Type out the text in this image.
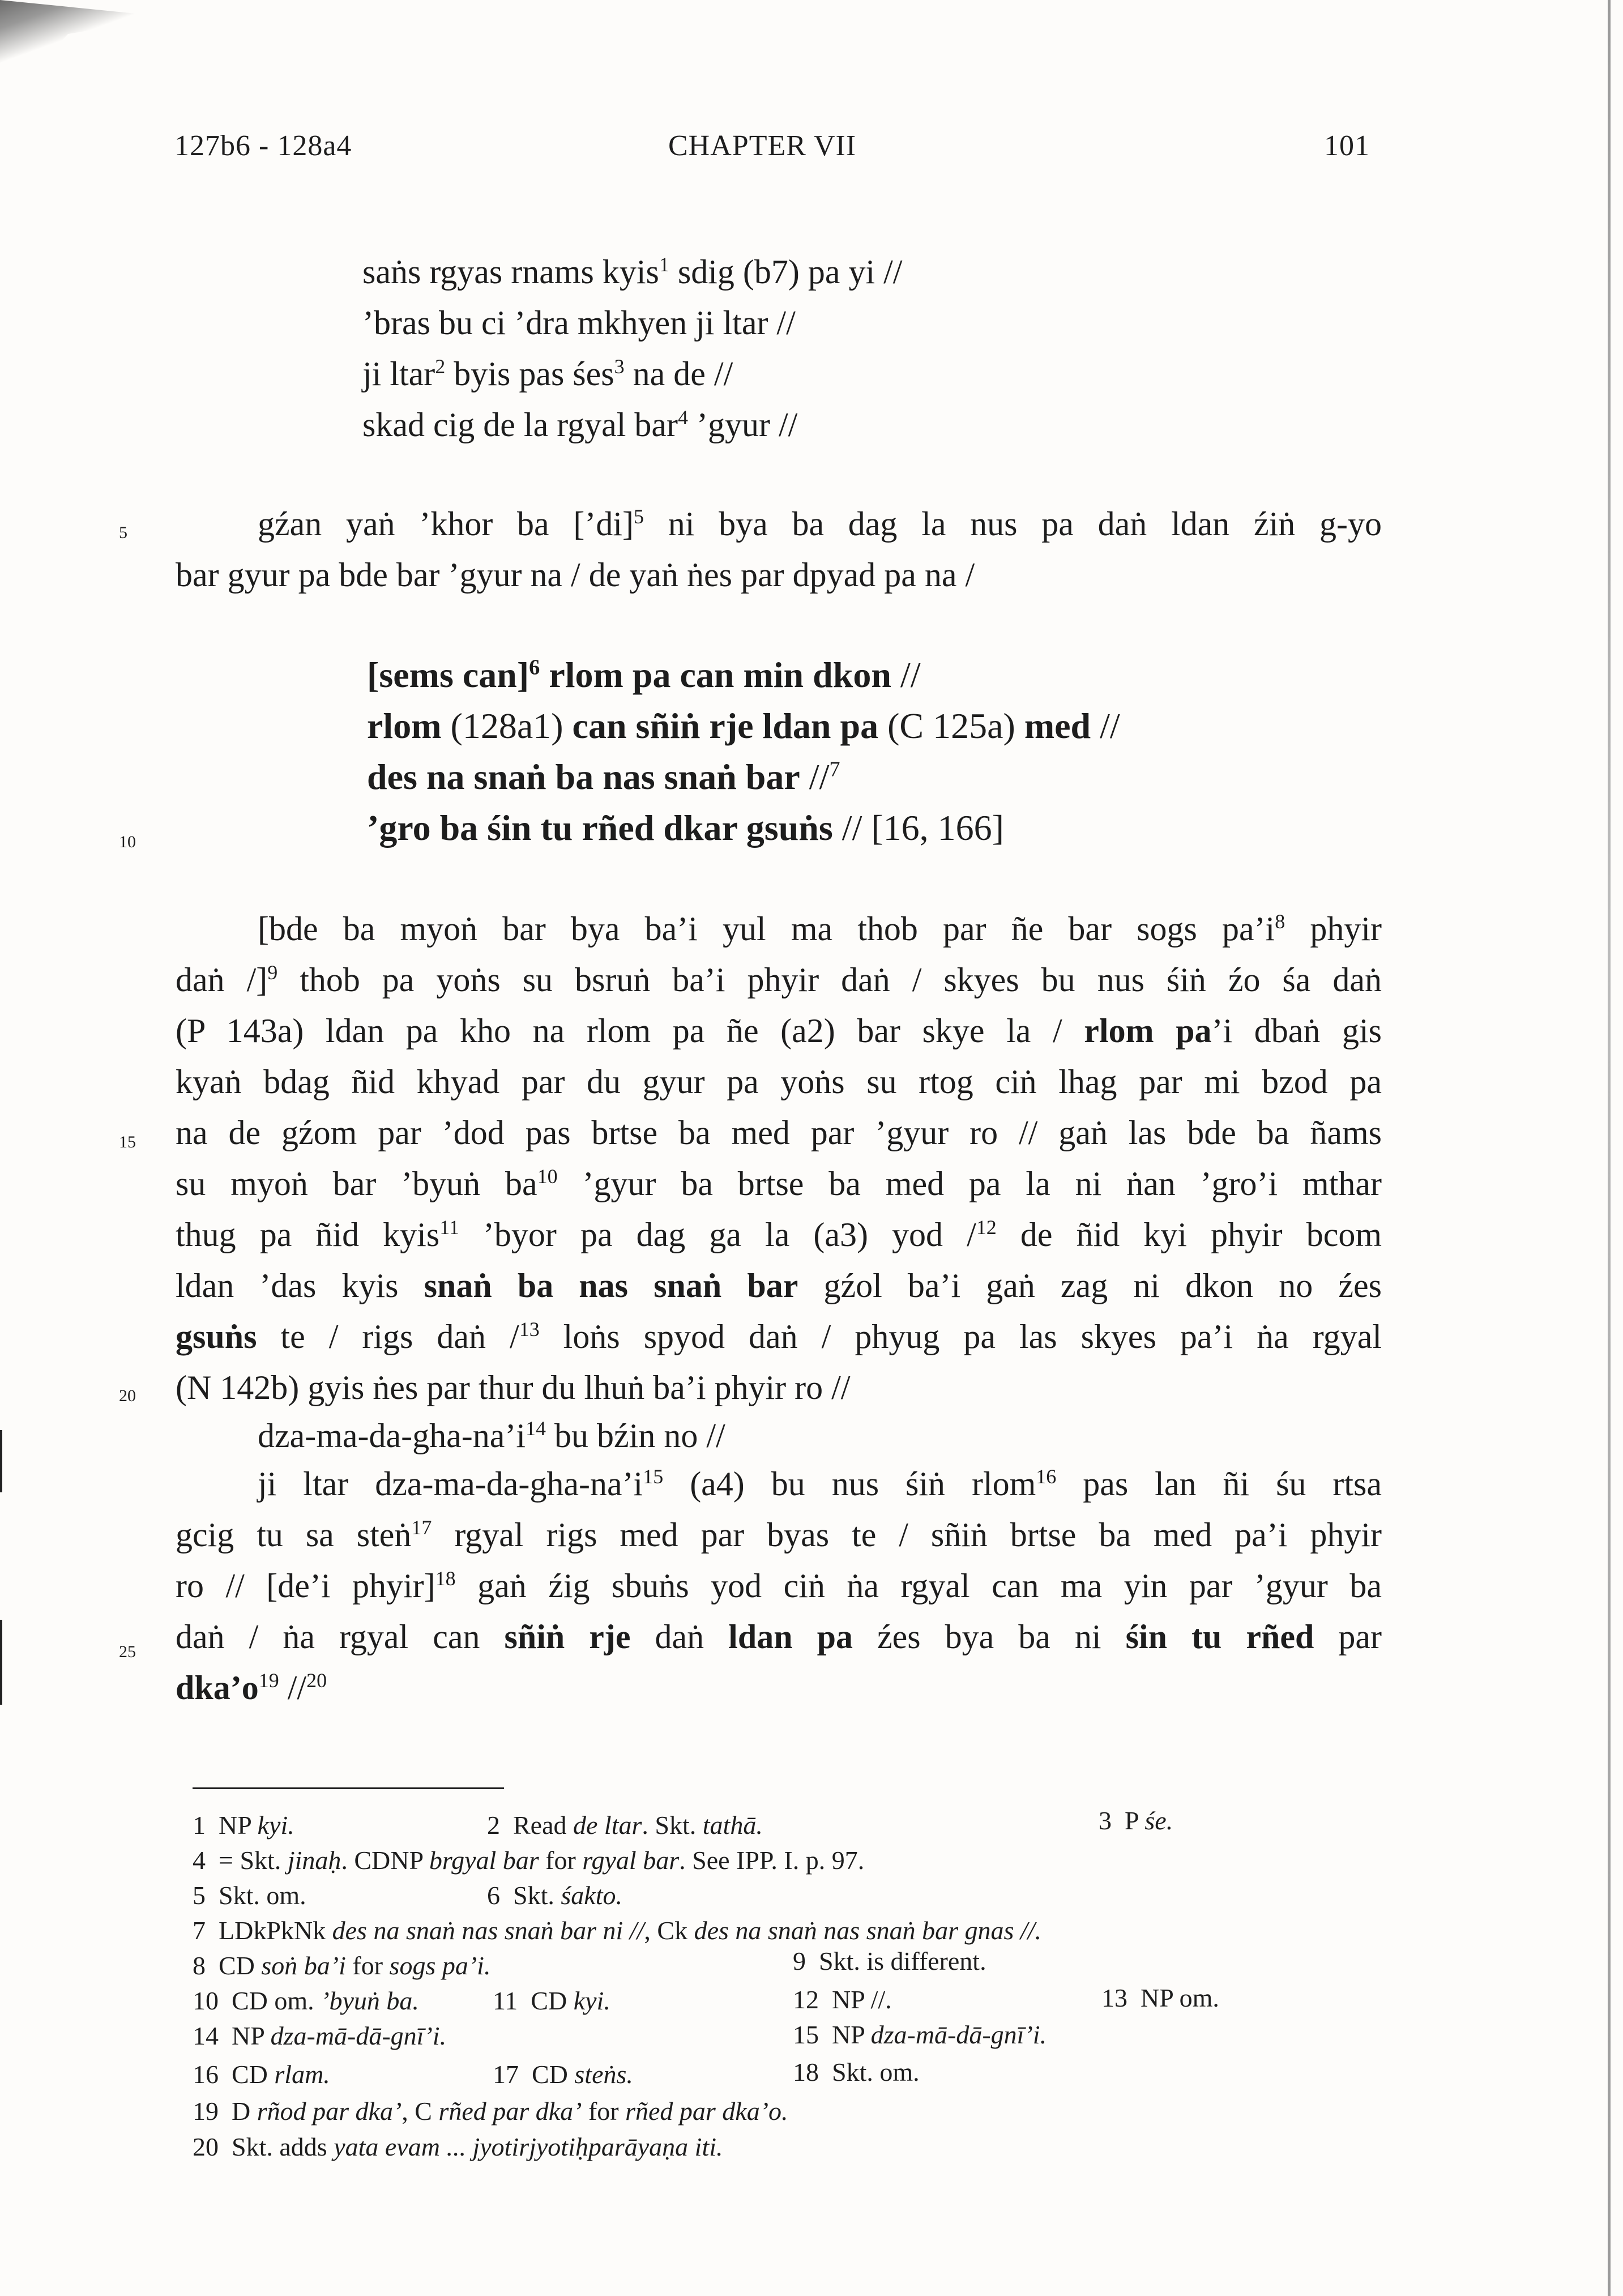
127b6 - 128a4	CHAPTER VII	101
5
10
15
20
25
saṅs rgyas rnams kyis$^1$ sdig (b7) pa yi //
’bras bu ci ’dra mkhyen ji ltar //
ji ltar$^2$ byis pas śes$^3$ na de //
skad cig de la rgyal bar$^4$ ’gyur //
gźan yaṅ ’khor ba [’di]$^5$ ni bya ba dag la nus pa daṅ ldan źiṅ g-yo
bar gyur pa bde bar ’gyur na / de yaṅ ṅes par dpyad pa na /
[sems can]$^6$ rlom pa can min dkon //
rlom (128a1) can sñiṅ rje ldan pa (C 125a) med //
des na snaṅ ba nas snaṅ bar //$^7$
’gro ba śin tu rñed dkar gsuṅs // [16, 166]
[bde ba myoṅ bar bya ba’i yul ma thob par ñe bar sogs $pa’i^8$ phyir
daṅ /]$^9$ thob pa yoṅs su bsruṅ ba’i phyir daṅ / skyes bu nus śiṅ źo śa daṅ
(P 143a) ldan pa kho na rlom pa ñe (a2) bar skye la / rlom pa’i dbaṅ gis
kyaṅ bdag ñid khyad par du gyur pa yoṅs su rtog ciṅ lhag par mi bzod pa
na de gźom par ’dod pas brtse ba med par ’gyur ro // gaṅ las bde ba ñams
su myoṅ bar ’byuṅ $ba^{10}$ ’gyur ba brtse ba med pa la ni ṅan ’gro’i mthar
thug pa ñid kyis$^{11}$ ’byor pa dag ga la (a3) yod /$^{12}$ de ñid kyi phyir bcom
ldan ’das kyis snaṅ ba nas snaṅ bar gźol ba’i gaṅ zag ni dkon no źes
gsuṅs te / rigs daṅ /$^{13}$ loṅs spyod daṅ / phyug pa las skyes pa’i ṅa rgyal
(N 142b) gyis ṅes par thur du lhuṅ ba’i phyir ro //
dza-$ma-da-gha-na’i^{14}$ bu bźin no //
ji ltar dza-$ma-da-gha-na’i^{15}$ (a4) bu nus śiṅ rlom$^{16}$ pas lan ñi śu rtsa
gcig tu sa steṅ$^{17}$ rgyal rigs med par byas te / sñiṅ brtse ba med pa’i phyir
ro // [de’i phyir]$^{18}$ gaṅ źig sbuṅs yod ciṅ ṅa rgyal can ma yin par ’gyur ba
daṅ / ṅa rgyal can sñiṅ rje daṅ ldan pa źes bya ba ni śin tu rñed par
$dka’o^{19}$ //$^{20}$
1 NP kyi.	2 Read de ltar. Skt. tathā.	3 P śe.
4 = Skt. jinaḥ. CDNP brgyal bar for rgyal bar. See IPP. I. p. 97.
5 Skt. om.	6 Skt. śakto.
7 LDkPkNk des na snaṅ nas snaṅ bar ni //, Ck des na snaṅ nas snaṅ bar gnas //.
8 CD soṅ ba’i for sogs pa’i.	9 Skt. is different.
10 CD om. ’byuṅ ba.	11 CD kyi.	12 NP //.	13 NP om.
14 NP dza-mā-dā-gnī’i.	15 NP dza-mā-dā-gnī’i.
16 CD rlam.	17 CD steṅs.	18 Skt. om.
19 D rñod par dka’, C rñed par dka’ for rñed par dka’o.
20 Skt. adds yata evam ... jyotirjyotiḥparāyaṇa iti.
